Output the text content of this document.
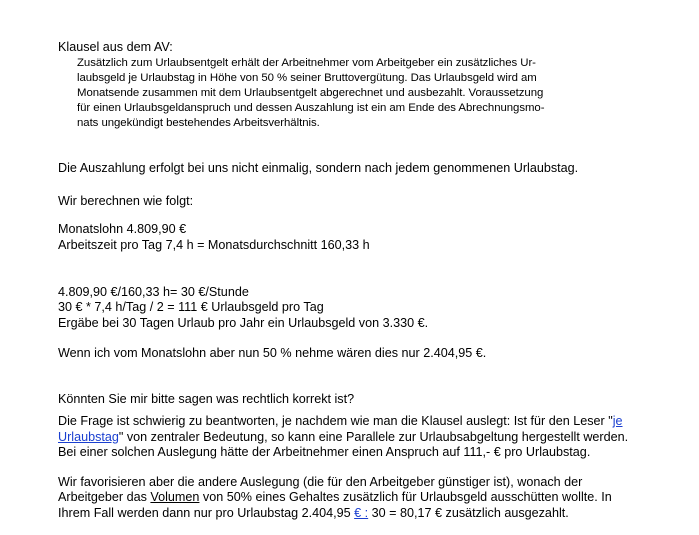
Klausel aus dem AV:
Zusätzlich zum Urlaubsentgelt erhält der Arbeitnehmer vom Arbeitgeber ein zusätzliches Ur-
laubsgeld je Urlaubstag in Höhe von 50 % seiner Bruttovergütung. Das Urlaubsgeld wird am
Monatsende zusammen mit dem Urlaubsentgelt abgerechnet und ausbezahlt. Voraussetzung
für einen Urlaubsgeldanspruch und dessen Auszahlung ist ein am Ende des Abrechnungsmo-
nats ungekündigt bestehendes Arbeitsverhältnis.
Die Auszahlung erfolgt bei uns nicht einmalig, sondern nach jedem genommenen Urlaubstag.
Wir berechnen wie folgt:
Monatslohn 4.809,90 €
Arbeitszeit pro Tag 7,4 h = Monatsdurchschnitt 160,33 h
4.809,90 €/160,33 h= 30 €/Stunde
30 € * 7,4 h/Tag / 2 = 111 € Urlaubsgeld pro Tag
Ergäbe bei 30 Tagen Urlaub pro Jahr ein Urlaubsgeld von 3.330 €.
Wenn ich vom Monatslohn aber nun 50 % nehme wären dies nur 2.404,95 €.
Könnten Sie mir bitte sagen was rechtlich korrekt ist?
Die Frage ist schwierig zu beantworten, je nachdem wie man die Klausel auslegt: Ist für den Leser "je
Urlaubstag" von zentraler Bedeutung, so kann eine Parallele zur Urlaubsabgeltung hergestellt werden.
Bei einer solchen Auslegung hätte der Arbeitnehmer einen Anspruch auf 111,- € pro Urlaubstag.
Wir favorisieren aber die andere Auslegung (die für den Arbeitgeber günstiger ist), wonach der
Arbeitgeber das Volumen von 50% eines Gehaltes zusätzlich für Urlaubsgeld ausschütten wollte. In
Ihrem Fall werden dann nur pro Urlaubstag 2.404,95 € : 30 = 80,17 € zusätzlich ausgezahlt.
